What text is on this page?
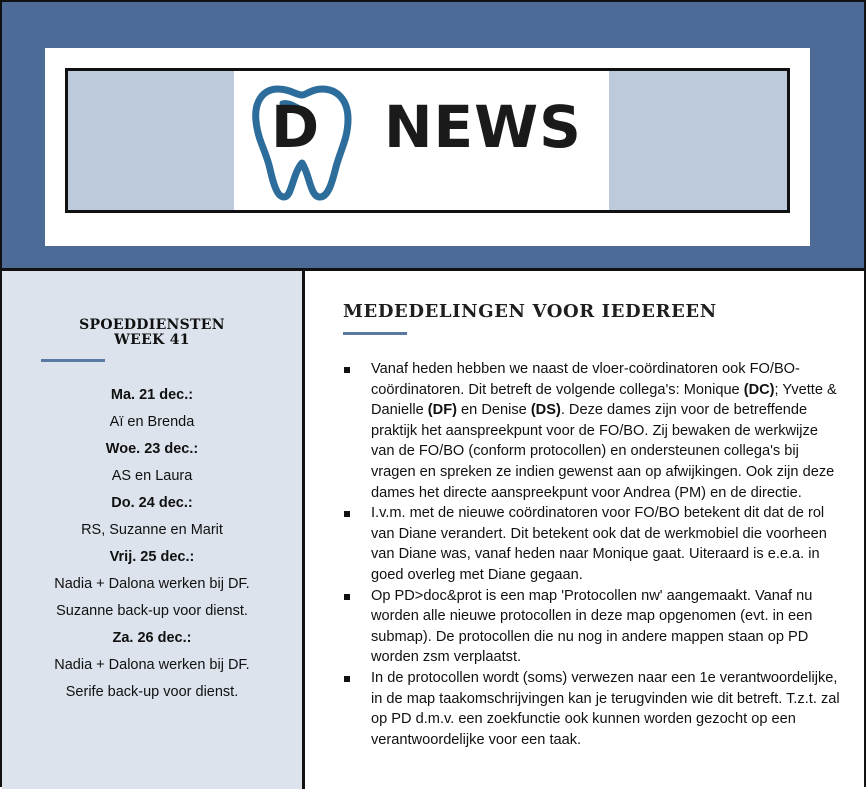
D NEWS
SPOEDDIENSTEN
WEEK 41
Ma. 21 dec.:
Aï en Brenda
Woe. 23 dec.:
AS en Laura
Do. 24 dec.:
RS, Suzanne en Marit
Vrij. 25 dec.:
Nadia + Dalona werken bij DF.
Suzanne back-up voor dienst.
Za. 26 dec.:
Nadia + Dalona werken bij DF.
Serife back-up voor dienst.
MEDEDELINGEN VOOR IEDEREEN
Vanaf heden hebben we naast de vloer-coördinatoren ook FO/BO-coördinatoren. Dit betreft de volgende collega's: Monique (DC); Yvette & Danielle (DF) en Denise (DS). Deze dames zijn voor de betreffende praktijk het aanspreekpunt voor de FO/BO. Zij bewaken de werkwijze van de FO/BO (conform protocollen) en ondersteunen collega's bij vragen en spreken ze indien gewenst aan op afwijkingen. Ook zijn deze dames het directe aanspreekpunt voor Andrea (PM) en de directie.
I.v.m. met de nieuwe coördinatoren voor FO/BO betekent dit dat de rol van Diane verandert. Dit betekent ook dat de werkmobiel die voorheen van Diane was, vanaf heden naar Monique gaat. Uiteraard is e.e.a. in goed overleg met Diane gegaan.
Op PD>doc&prot is een map 'Protocollen nw' aangemaakt. Vanaf nu worden alle nieuwe protocollen in deze map opgenomen (evt. in een submap). De protocollen die nu nog in andere mappen staan op PD worden zsm verplaatst.
In de protocollen wordt (soms) verwezen naar een 1e verantwoordelijke, in de map taakomschrijvingen kan je terugvinden wie dit betreft. T.z.t. zal op PD d.m.v. een zoekfunctie ook kunnen worden gezocht op een verantwoordelijke voor een taak.
